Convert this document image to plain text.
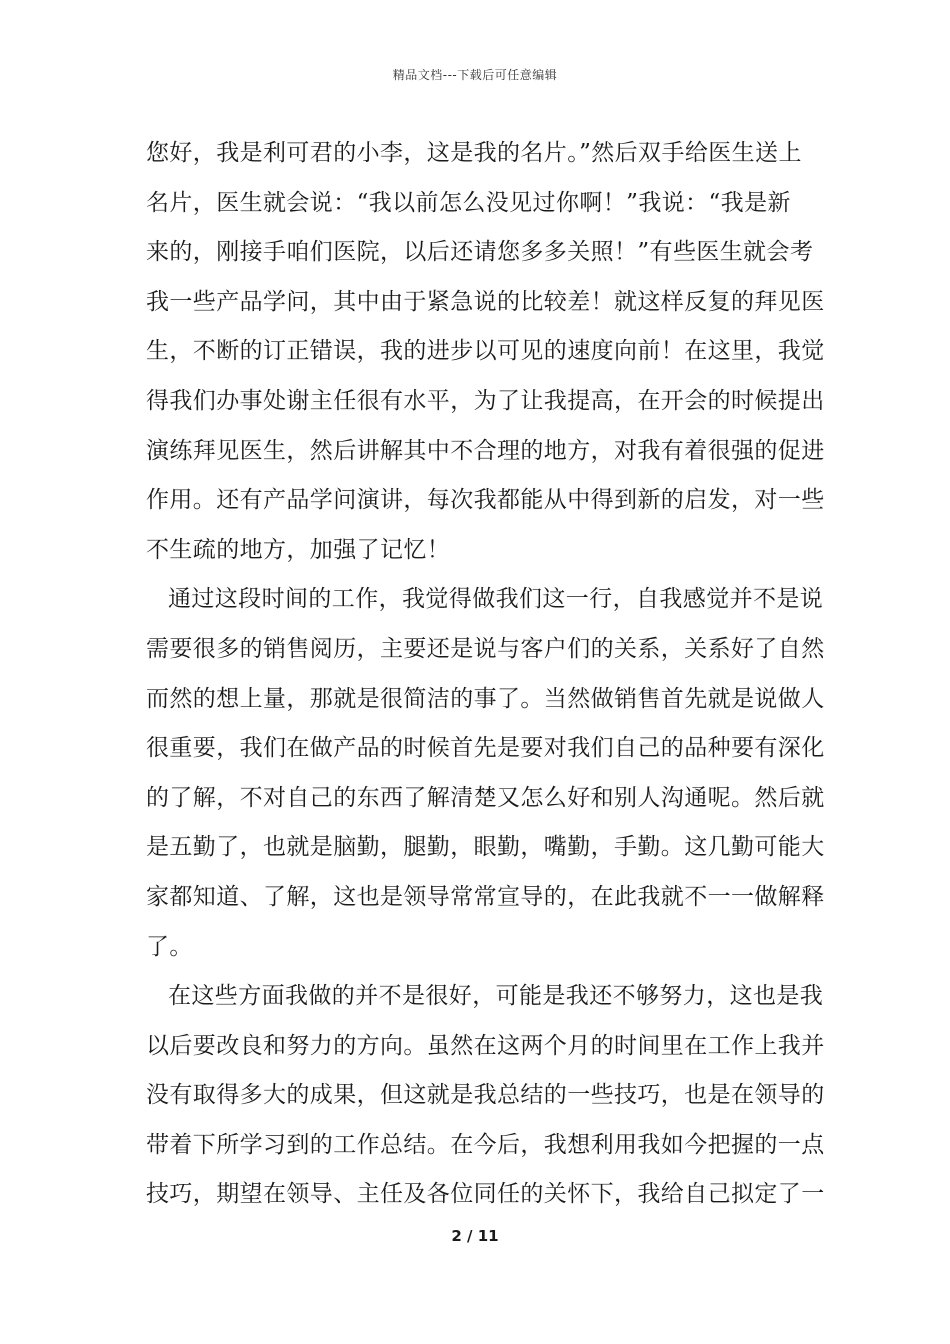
精品文档---下载后可任意编辑
您好，我是利可君的小李，这是我的名片。”然后双手给医生送上
名片，医生就会说：“我以前怎么没见过你啊！”我说：“我是新
来的，刚接手咱们医院，以后还请您多多关照！”有些医生就会考
我一些产品学问，其中由于紧急说的比较差！就这样反复的拜见医
生，不断的订正错误，我的进步以可见的速度向前！在这里，我觉
得我们办事处谢主任很有水平，为了让我提高，在开会的时候提出
演练拜见医生，然后讲解其中不合理的地方，对我有着很强的促进
作用。还有产品学问演讲，每次我都能从中得到新的启发，对一些
不生疏的地方，加强了记忆！
通过这段时间的工作，我觉得做我们这一行，自我感觉并不是说
需要很多的销售阅历，主要还是说与客户们的关系，关系好了自然
而然的想上量，那就是很简洁的事了。当然做销售首先就是说做人
很重要，我们在做产品的时候首先是要对我们自己的品种要有深化
的了解，不对自己的东西了解清楚又怎么好和别人沟通呢。然后就
是五勤了，也就是脑勤，腿勤，眼勤，嘴勤，手勤。这几勤可能大
家都知道、了解，这也是领导常常宣导的，在此我就不一一做解释
了。
在这些方面我做的并不是很好，可能是我还不够努力，这也是我
以后要改良和努力的方向。虽然在这两个月的时间里在工作上我并
没有取得多大的成果，但这就是我总结的一些技巧，也是在领导的
带着下所学习到的工作总结。在今后，我想利用我如今把握的一点
技巧，期望在领导、主任及各位同任的关怀下，我给自己拟定了一
2 / 11
